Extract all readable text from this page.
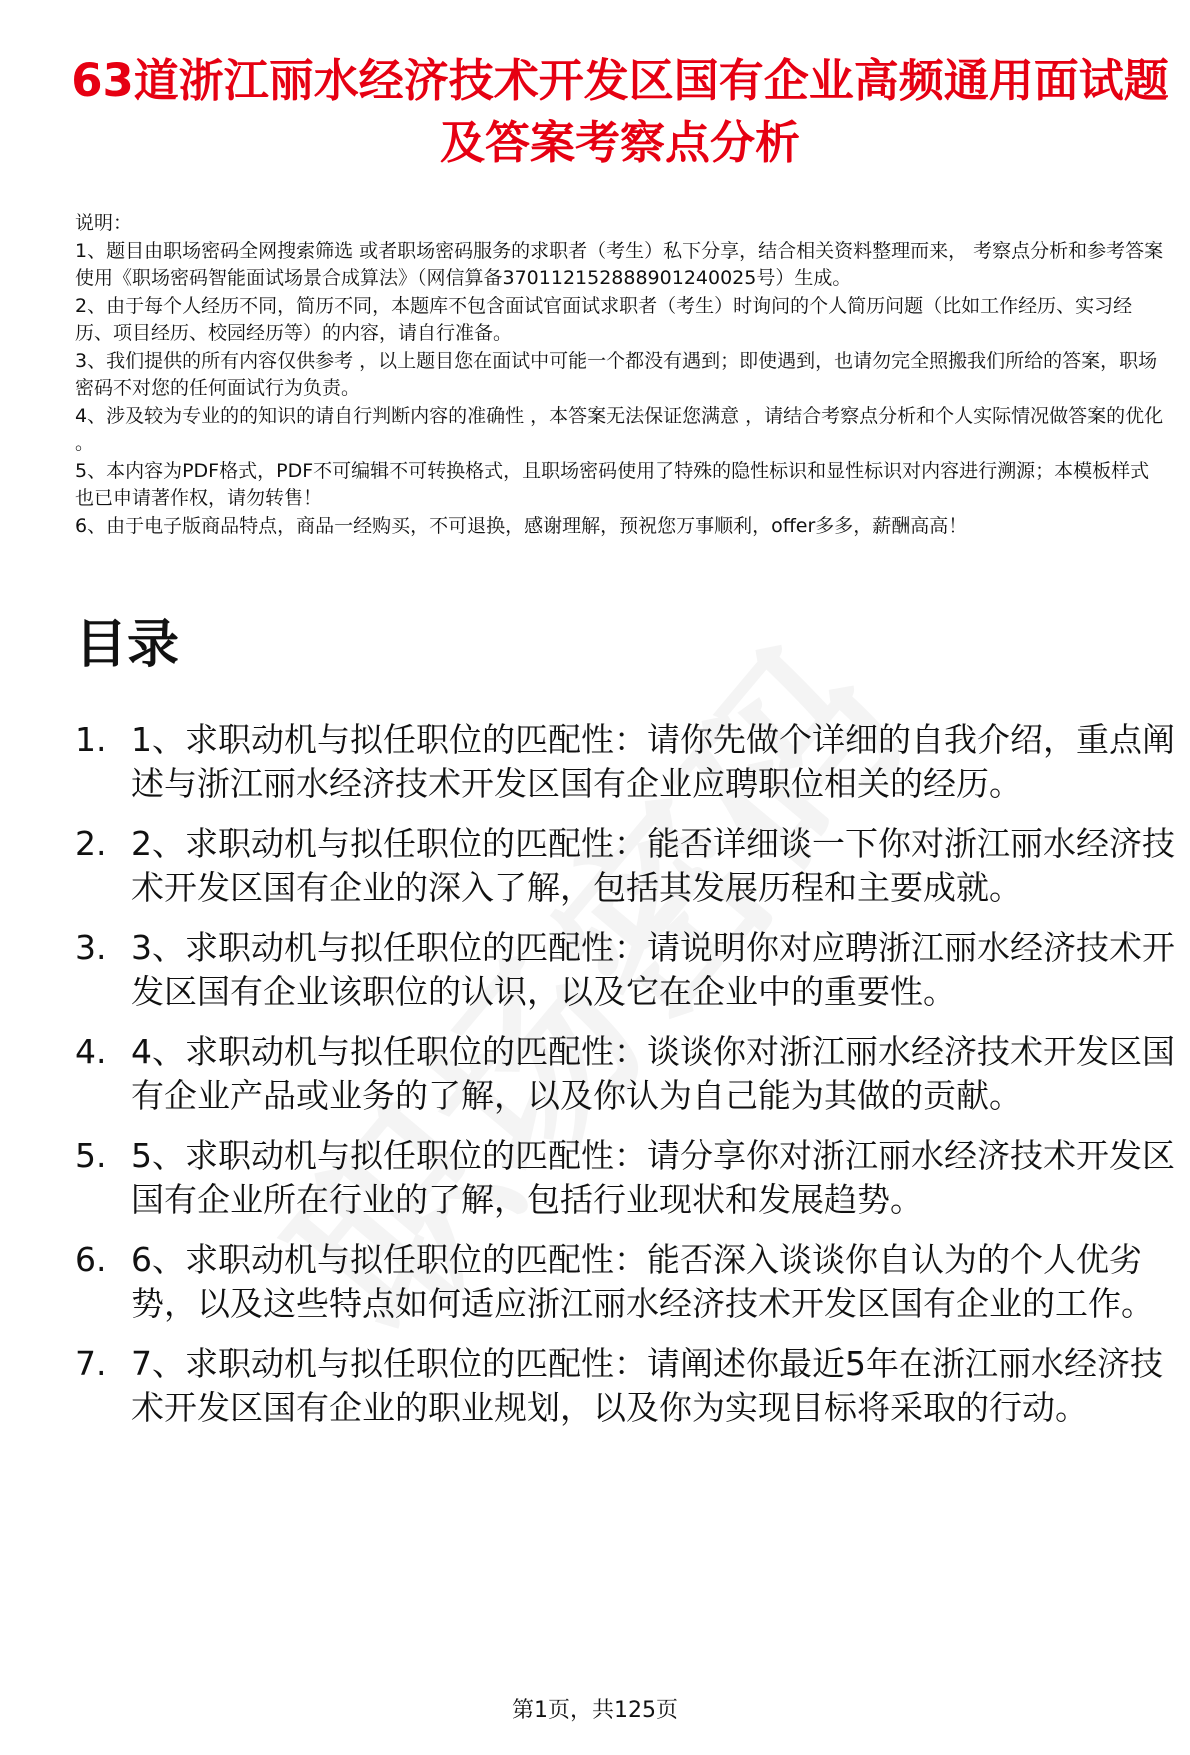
63道浙江丽水经济技术开发区国有企业高频通用面试题及答案考察点分析

说明：

1、题目由职场密码全网搜索筛选 或者职场密码服务的求职者（考生）私下分享，结合相关资料整理而来， 考察点分析和参考答案使用《职场密码智能面试场景合成算法》（网信算备370112152888901240025号）生成。

2、由于每个人经历不同，简历不同，本题库不包含面试官面试求职者（考生）时询问的个人简历问题（比如工作经历、实习经历、项目经历、校园经历等）的内容，请自行准备。

3、我们提供的所有内容仅供参考 ，以上题目您在面试中可能一个都没有遇到；即使遇到，也请勿完全照搬我们所给的答案，职场密码不对您的任何面试行为负责。

4、涉及较为专业的的知识的请自行判断内容的准确性 ，本答案无法保证您满意 ，请结合考察点分析和个人实际情况做答案的优化 。

5、本内容为PDF格式，PDF不可编辑不可转换格式，且职场密码使用了特殊的隐性标识和显性标识对内容进行溯源；本模板样式也已申请著作权，请勿转售！

6、由于电子版商品特点，商品一经购买，不可退换，感谢理解，预祝您万事顺利，offer多多，薪酬高高！

目录
1. 1、求职动机与拟任职位的匹配性：请你先做个详细的自我介绍，重点阐述与浙江丽水经济技术开发区国有企业应聘职位相关的经历。
2. 2、求职动机与拟任职位的匹配性：能否详细谈一下你对浙江丽水经济技术开发区国有企业的深入了解，包括其发展历程和主要成就。
3. 3、求职动机与拟任职位的匹配性：请说明你对应聘浙江丽水经济技术开发区国有企业该职位的认识，以及它在企业中的重要性。
4. 4、求职动机与拟任职位的匹配性：谈谈你对浙江丽水经济技术开发区国有企业产品或业务的了解，以及你认为自己能为其做的贡献。
5. 5、求职动机与拟任职位的匹配性：请分享你对浙江丽水经济技术开发区国有企业所在行业的了解，包括行业现状和发展趋势。
6. 6、求职动机与拟任职位的匹配性：能否深入谈谈你自认为的个人优劣势，以及这些特点如何适应浙江丽水经济技术开发区国有企业的工作。
7. 7、求职动机与拟任职位的匹配性：请阐述你最近5年在浙江丽水经济技术开发区国有企业的职业规划，以及你为实现目标将采取的行动。
第1页，共125页
